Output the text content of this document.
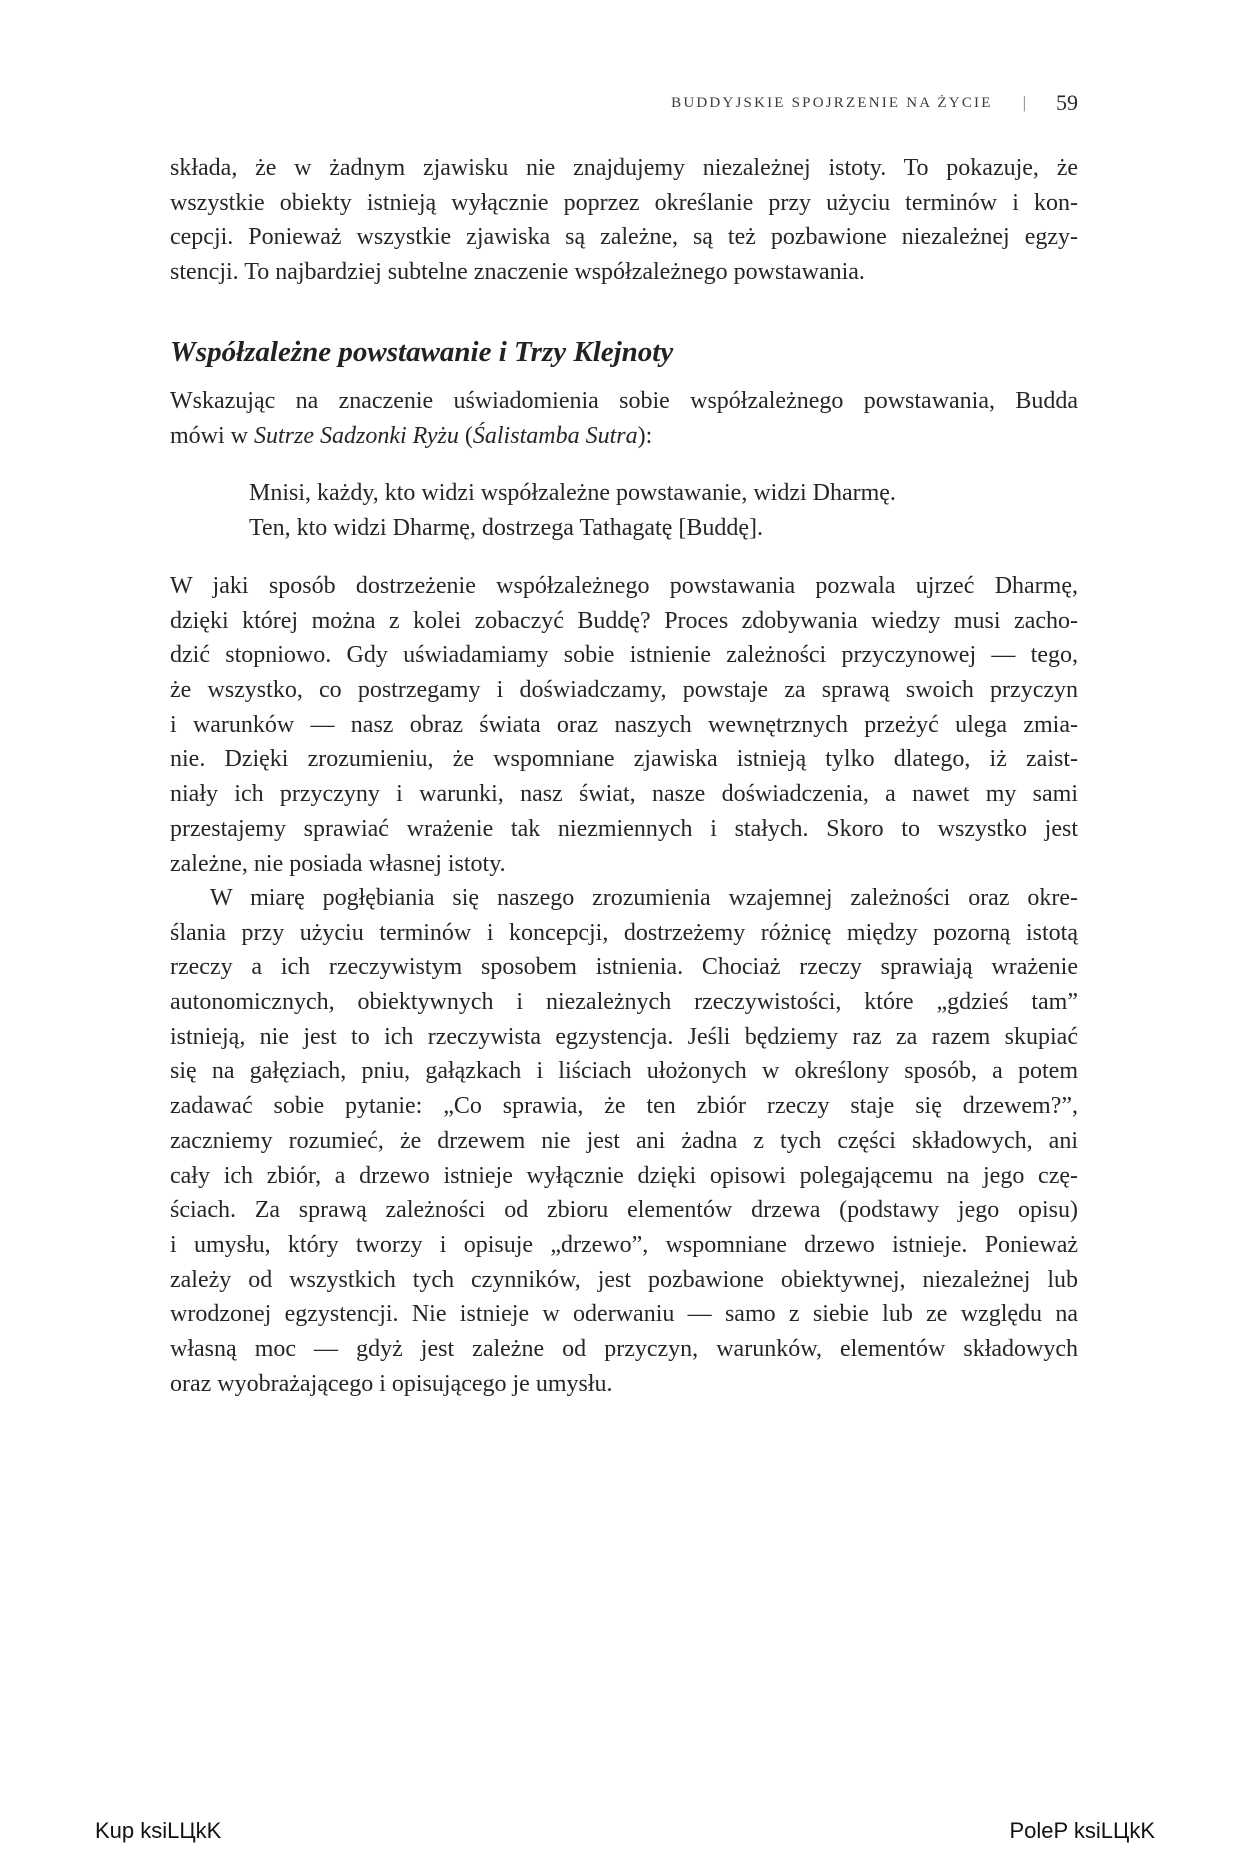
BUDDYJSKIE SPOJRZENIE NA ŻYCIE | 59
składa, że w żadnym zjawisku nie znajdujemy niezależnej istoty. To pokazuje, że
wszystkie obiekty istnieją wyłącznie poprzez określanie przy użyciu terminów i kon-
cepcji. Ponieważ wszystkie zjawiska są zależne, są też pozbawione niezależnej egzy-
stencji. To najbardziej subtelne znaczenie współzależnego powstawania.
Współzależne powstawanie i Trzy Klejnoty
Wskazując na znaczenie uświadomienia sobie współzależnego powstawania, Budda
mówi w Sutrze Sadzonki Ryżu (Śalistamba Sutra):
Mnisi, każdy, kto widzi współzależne powstawanie, widzi Dharmę.
Ten, kto widzi Dharmę, dostrzega Tathagatę [Buddę].
W jaki sposób dostrzeżenie współzależnego powstawania pozwala ujrzeć Dharmę,
dzięki której można z kolei zobaczyć Buddę? Proces zdobywania wiedzy musi zacho-
dzić stopniowo. Gdy uświadamiamy sobie istnienie zależności przyczynowej — tego,
że wszystko, co postrzegamy i doświadczamy, powstaje za sprawą swoich przyczyn
i warunków — nasz obraz świata oraz naszych wewnętrznych przeżyć ulega zmia-
nie. Dzięki zrozumieniu, że wspomniane zjawiska istnieją tylko dlatego, iż zaist-
niały ich przyczyny i warunki, nasz świat, nasze doświadczenia, a nawet my sami
przestajemy sprawiać wrażenie tak niezmiennych i stałych. Skoro to wszystko jest
zależne, nie posiada własnej istoty.
W miarę pogłębiania się naszego zrozumienia wzajemnej zależności oraz okre-
ślania przy użyciu terminów i koncepcji, dostrzeżemy różnicę między pozorną istotą
rzeczy a ich rzeczywistym sposobem istnienia. Chociaż rzeczy sprawiają wrażenie
autonomicznych, obiektywnych i niezależnych rzeczywistości, które „gdzieś tam”
istnieją, nie jest to ich rzeczywista egzystencja. Jeśli będziemy raz za razem skupiać
się na gałęziach, pniu, gałązkach i liściach ułożonych w określony sposób, a potem
zadawać sobie pytanie: „Co sprawia, że ten zbiór rzeczy staje się drzewem?”,
zaczniemy rozumieć, że drzewem nie jest ani żadna z tych części składowych, ani
cały ich zbiór, a drzewo istnieje wyłącznie dzięki opisowi polegającemu na jego czę-
ściach. Za sprawą zależności od zbioru elementów drzewa (podstawy jego opisu)
i umysłu, który tworzy i opisuje „drzewo”, wspomniane drzewo istnieje. Ponieważ
zależy od wszystkich tych czynników, jest pozbawione obiektywnej, niezależnej lub
wrodzonej egzystencji. Nie istnieje w oderwaniu — samo z siebie lub ze względu na
własną moc — gdyż jest zależne od przyczyn, warunków, elementów składowych
oraz wyobrażającego i opisującego je umysłu.
Kup ksiLЦkK	PoleP ksiLЦkK
